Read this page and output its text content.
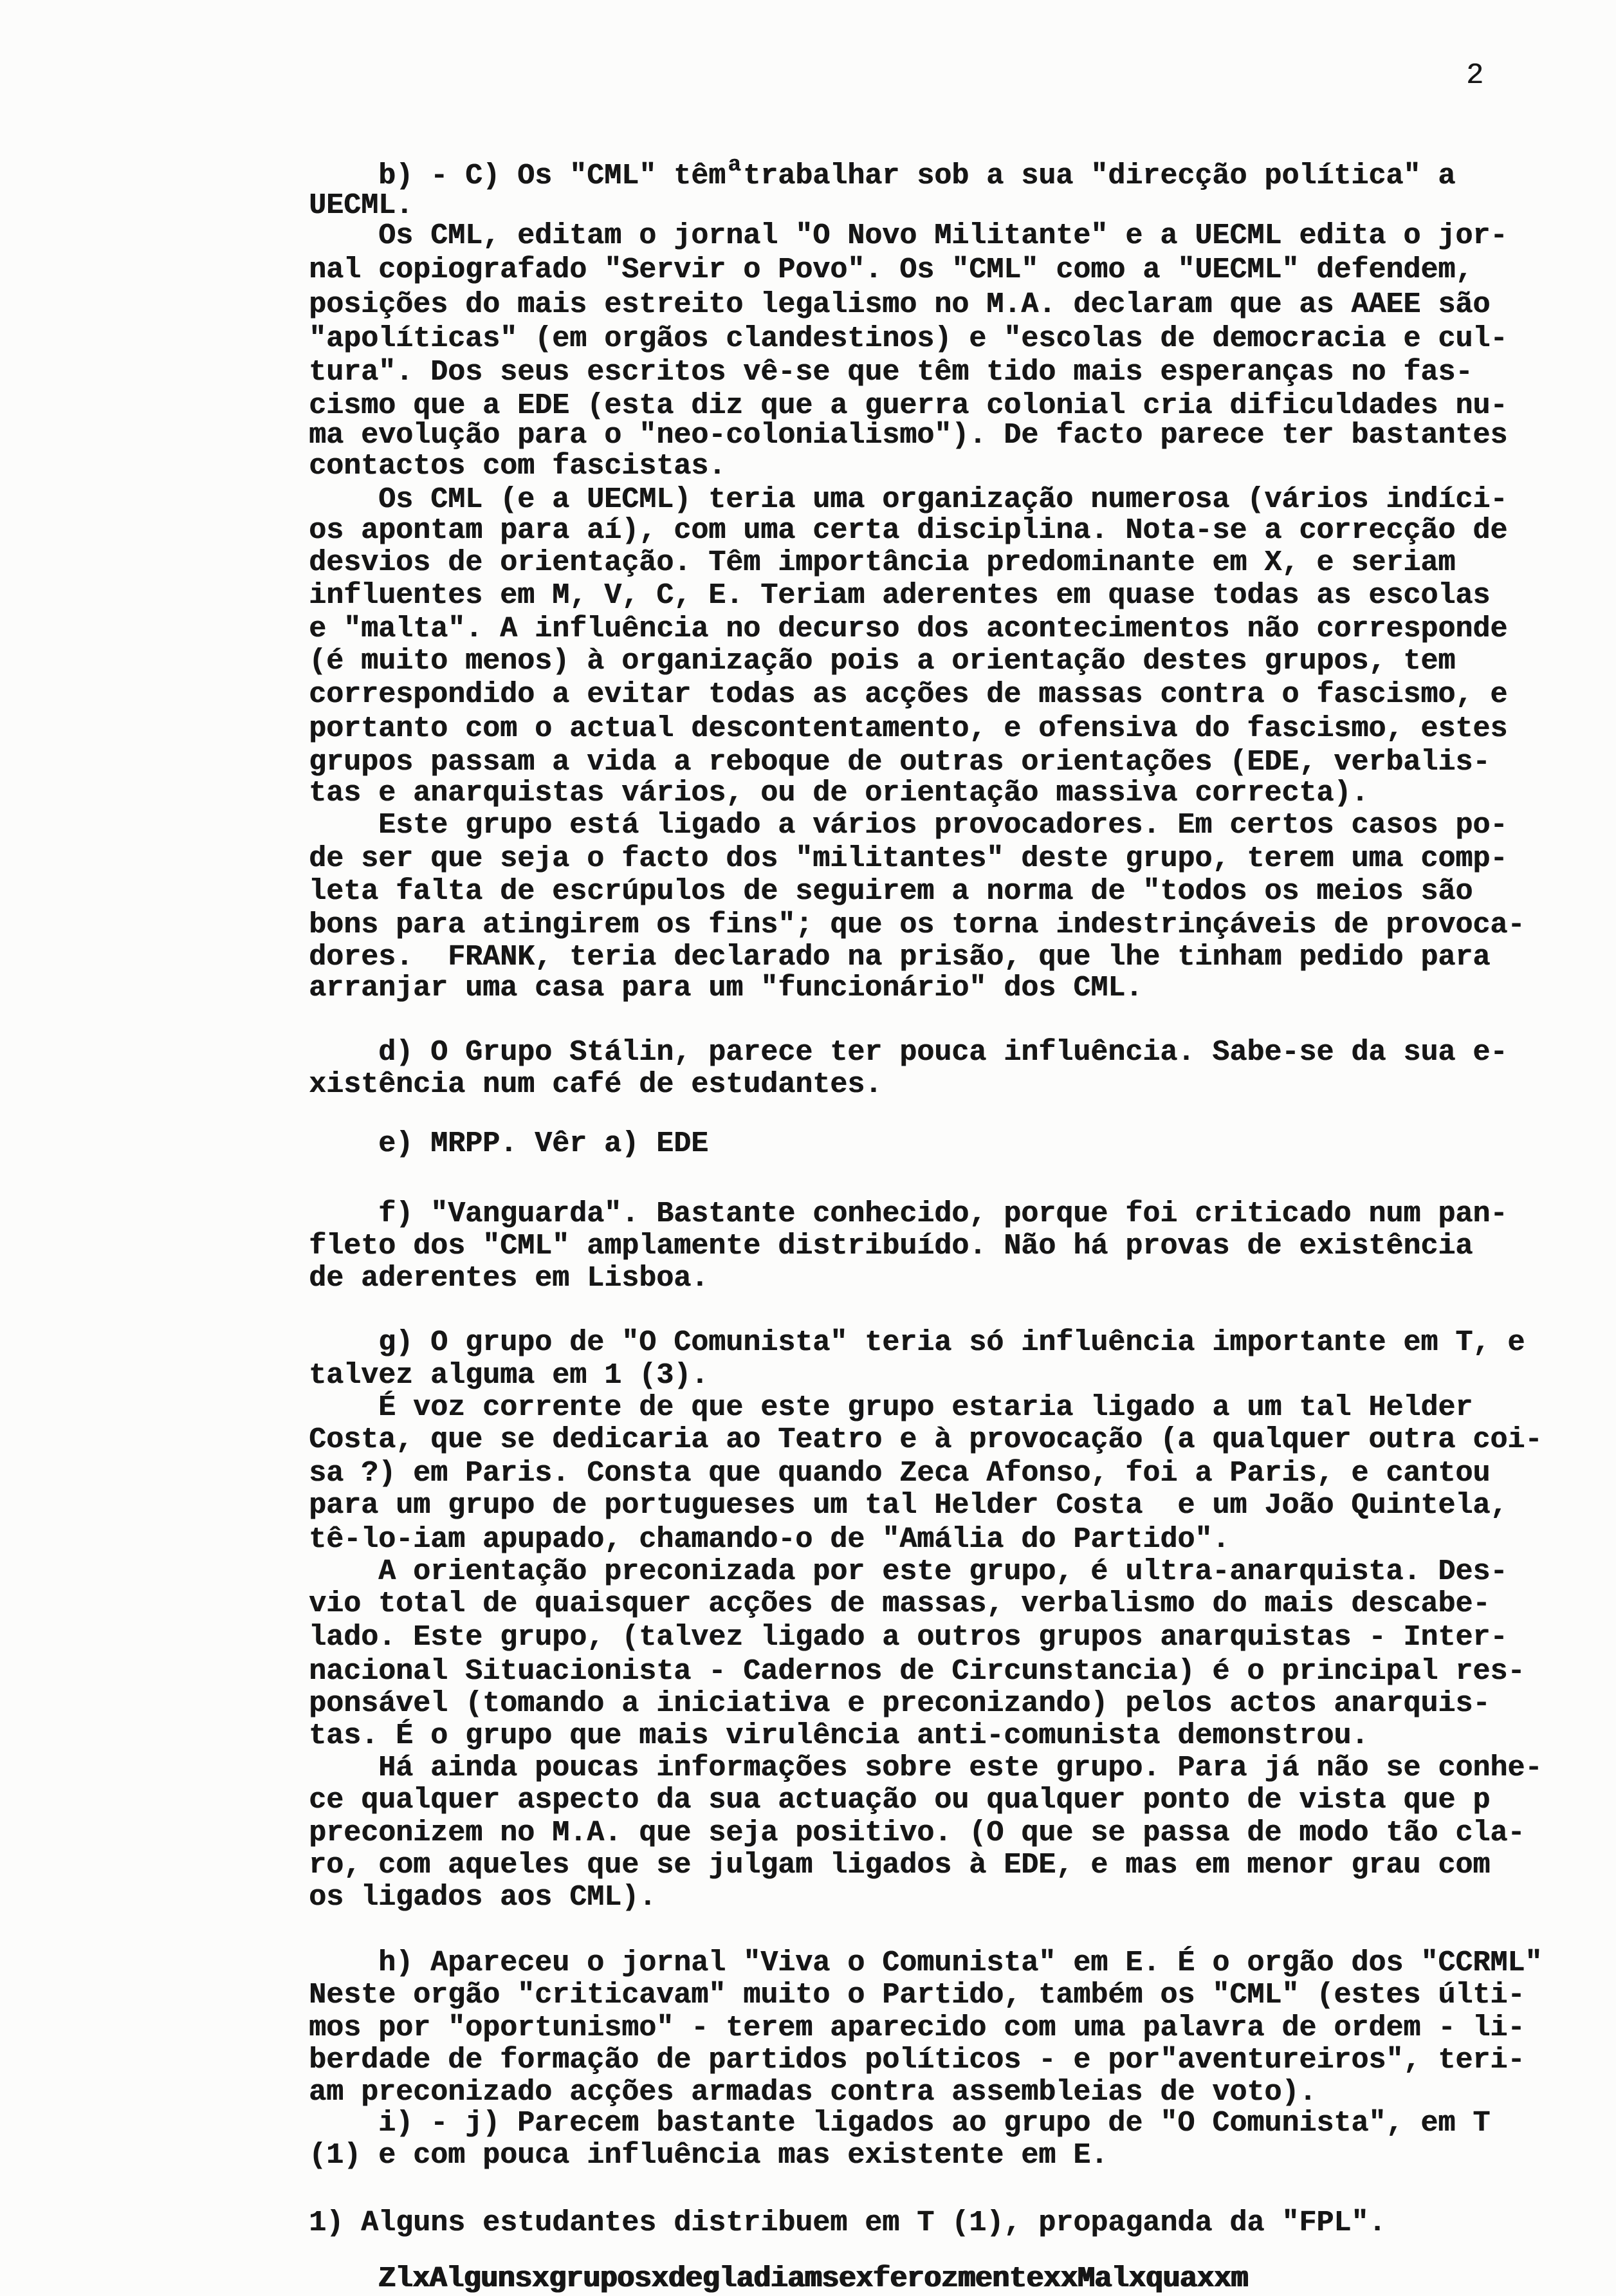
2
b) - C) Os "CML" têmatrabalhar sob a sua "direcção política" a
UECML.
Os CML, editam o jornal "O Novo Militante" e a UECML edita o jor-
nal copiografado "Servir o Povo". Os "CML" como a "UECML" defendem,
posições do mais estreito legalismo no M.A. declaram que as AAEE são
"apolíticas" (em orgãos clandestinos) e "escolas de democracia e cul-
tura". Dos seus escritos vê-se que têm tido mais esperanças no fas-
cismo que a EDE (esta diz que a guerra colonial cria dificuldades nu-
ma evolução para o "neo-colonialismo"). De facto parece ter bastantes
contactos com fascistas.
Os CML (e a UECML) teria uma organização numerosa (vários indíci-
os apontam para aí), com uma certa disciplina. Nota-se a correcção de
desvios de orientação. Têm importância predominante em X, e seriam
influentes em M, V, C, E. Teriam aderentes em quase todas as escolas
e "malta". A influência no decurso dos acontecimentos não corresponde
(é muito menos) à organização pois a orientação destes grupos, tem
correspondido a evitar todas as acções de massas contra o fascismo, e
portanto com o actual descontentamento, e ofensiva do fascismo, estes
grupos passam a vida a reboque de outras orientações (EDE, verbalis-
tas e anarquistas vários, ou de orientação massiva correcta).
Este grupo está ligado a vários provocadores. Em certos casos po-
de ser que seja o facto dos "militantes" deste grupo, terem uma comp-
leta falta de escrúpulos de seguirem a norma de "todos os meios são
bons para atingirem os fins"; que os torna indestrinçáveis de provoca-
dores.  FRANK, teria declarado na prisão, que lhe tinham pedido para
arranjar uma casa para um "funcionário" dos CML.
d) O Grupo Stálin, parece ter pouca influência. Sabe-se da sua e-
xistência num café de estudantes.
e) MRPP. Vêr a) EDE
f) "Vanguarda". Bastante conhecido, porque foi criticado num pan-
fleto dos "CML" amplamente distribuído. Não há provas de existência
de aderentes em Lisboa.
g) O grupo de "O Comunista" teria só influência importante em T, e
talvez alguma em 1 (3).
É voz corrente de que este grupo estaria ligado a um tal Helder
Costa, que se dedicaria ao Teatro e à provocação (a qualquer outra coi-
sa ?) em Paris. Consta que quando Zeca Afonso, foi a Paris, e cantou
para um grupo de portugueses um tal Helder Costa  e um João Quintela,
tê-lo-iam apupado, chamando-o de "Amália do Partido".
A orientação preconizada por este grupo, é ultra-anarquista. Des-
vio total de quaisquer acções de massas, verbalismo do mais descabe-
lado. Este grupo, (talvez ligado a outros grupos anarquistas - Inter-
nacional Situacionista - Cadernos de Circunstancia) é o principal res-
ponsável (tomando a iniciativa e preconizando) pelos actos anarquis-
tas. É o grupo que mais virulência anti-comunista demonstrou.
Há ainda poucas informações sobre este grupo. Para já não se conhe-
ce qualquer aspecto da sua actuação ou qualquer ponto de vista que p
preconizem no M.A. que seja positivo. (O que se passa de modo tão cla-
ro, com aqueles que se julgam ligados à EDE, e mas em menor grau com
os ligados aos CML).
h) Apareceu o jornal "Viva o Comunista" em E. É o orgão dos "CCRML"
Neste orgão "criticavam" muito o Partido, também os "CML" (estes últi-
mos por "oportunismo" - terem aparecido com uma palavra de ordem - li-
berdade de formação de partidos políticos - e por"aventureiros", teri-
am preconizado acções armadas contra assembleias de voto).
i) - j) Parecem bastante ligados ao grupo de "O Comunista", em T
(1) e com pouca influência mas existente em E.
1) Alguns estudantes distribuem em T (1), propaganda da "FPL".
ZlxAlgunsxgruposxdegladiamsexferozmentexxMalxquaxxm
